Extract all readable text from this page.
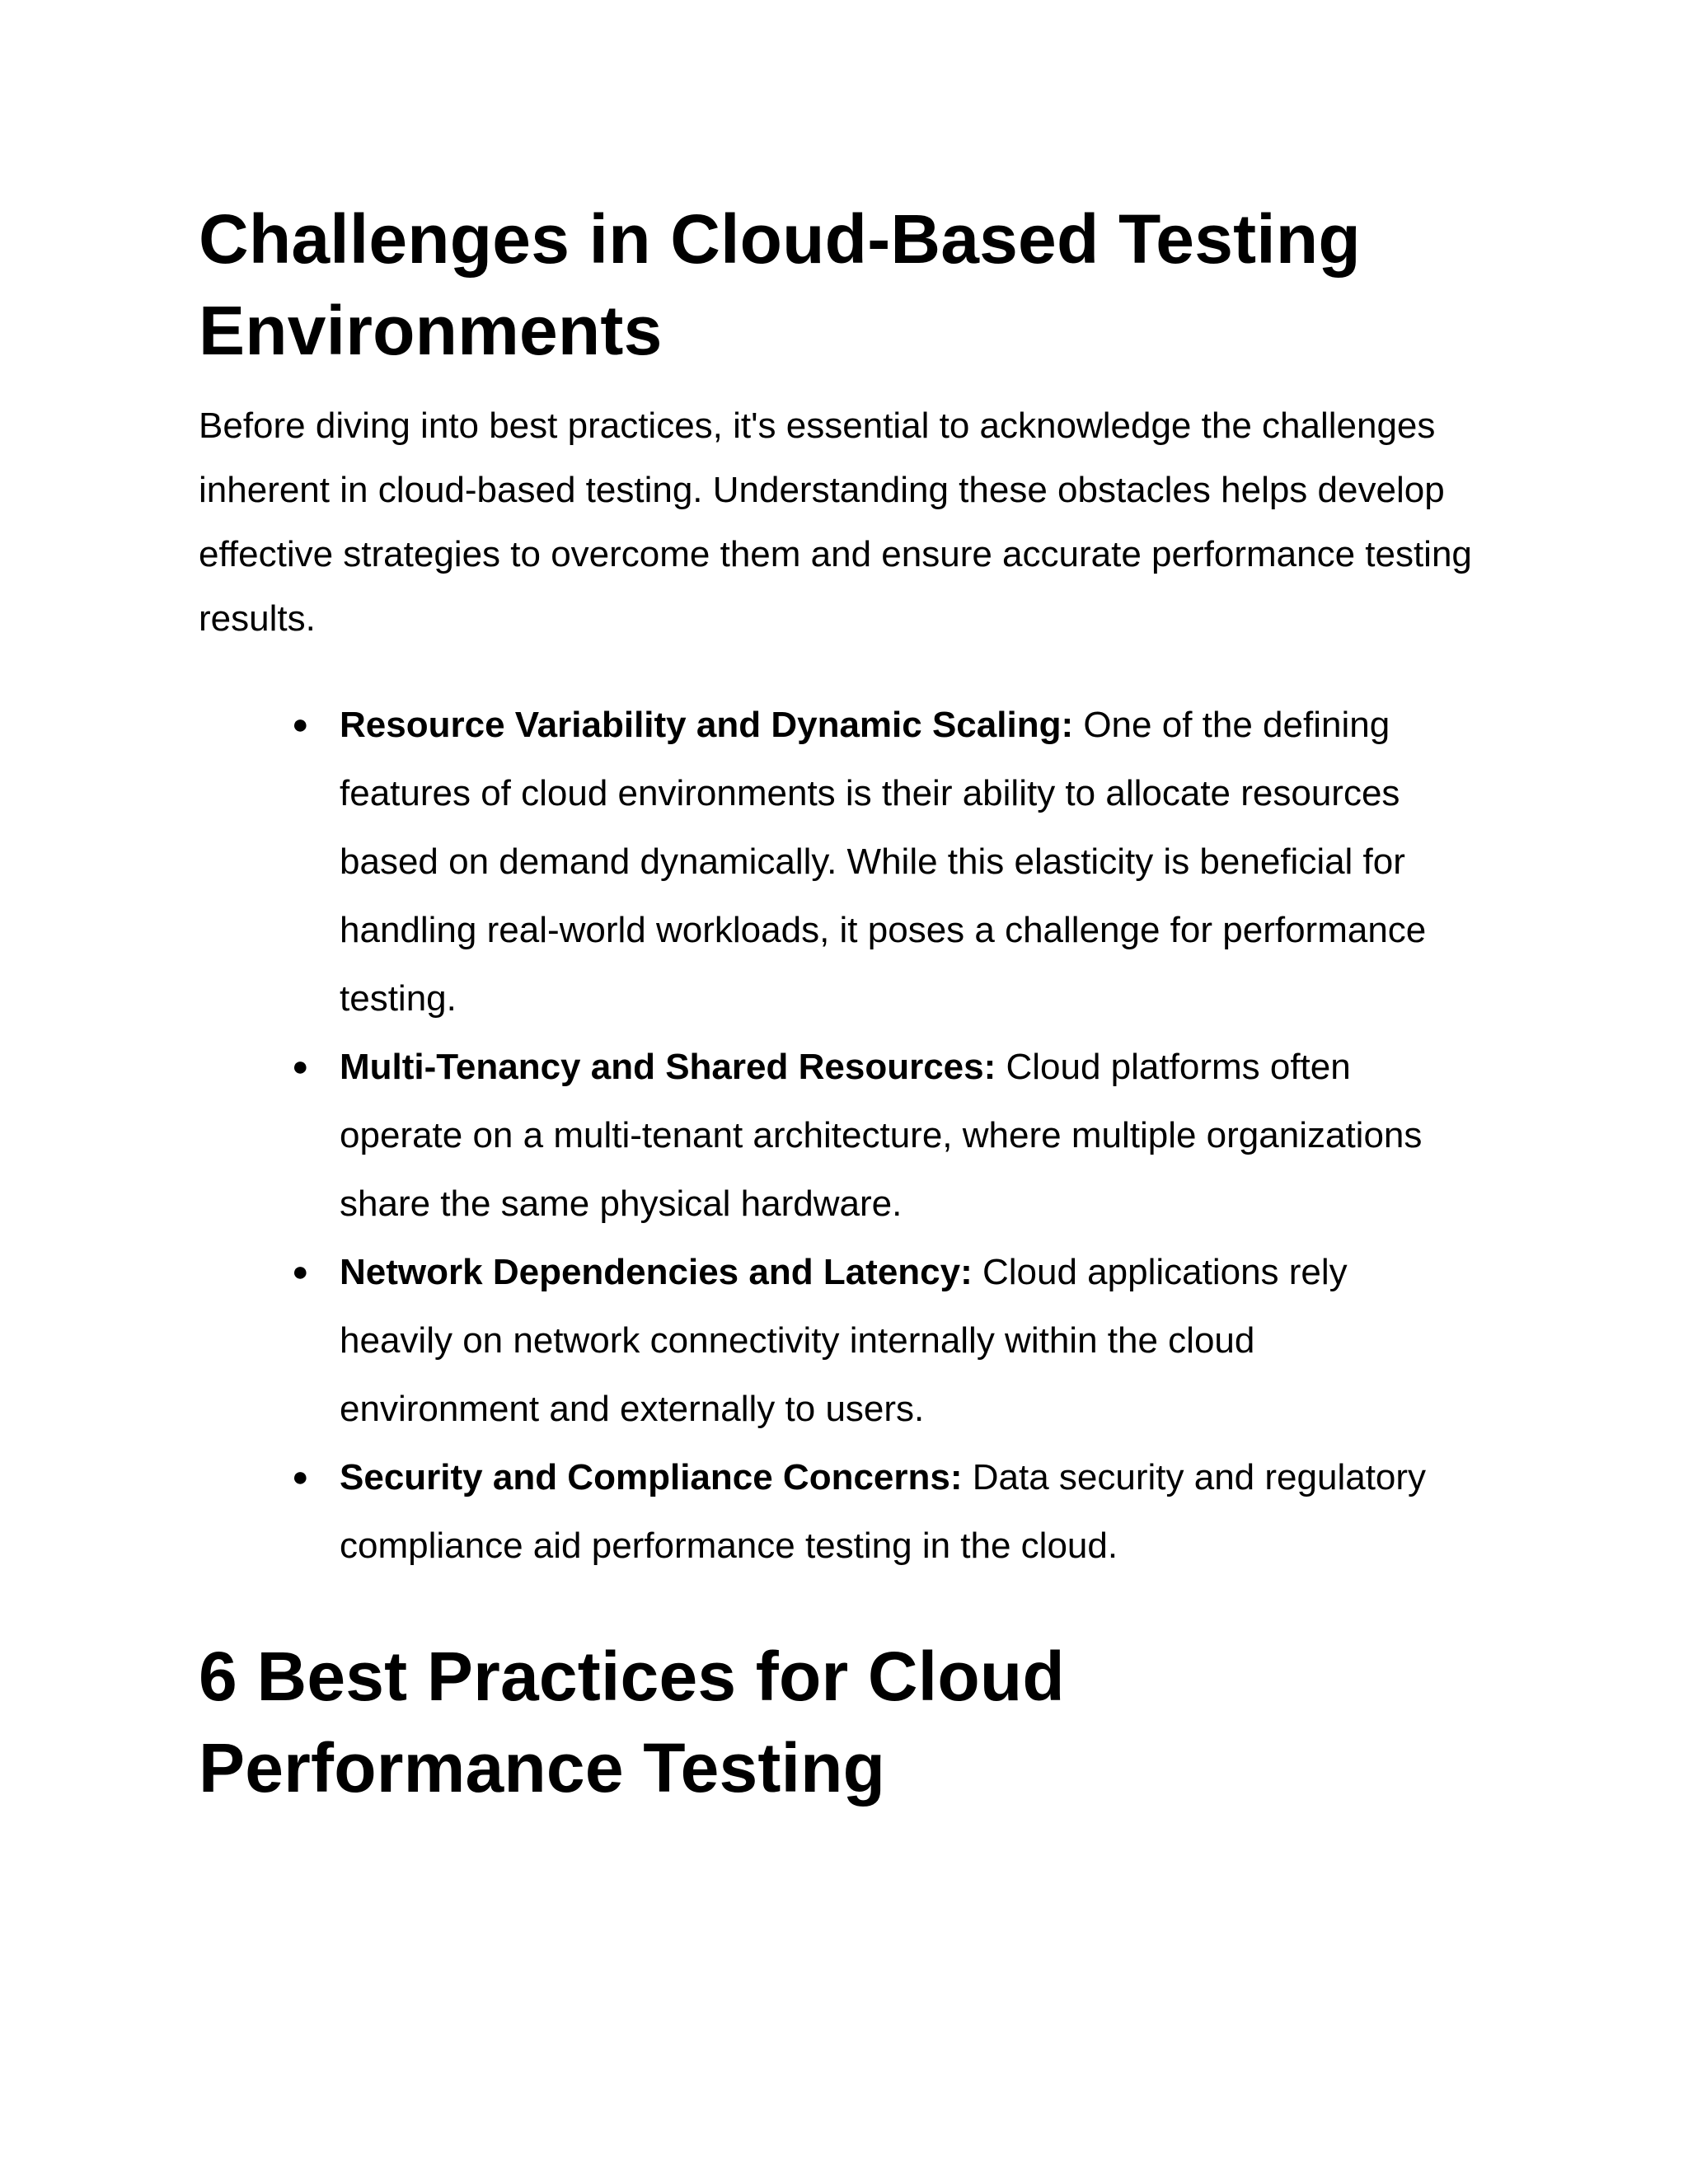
Challenges in Cloud-Based Testing Environments

Before diving into best practices, it's essential to acknowledge the challenges inherent in cloud-based testing. Understanding these obstacles helps develop effective strategies to overcome them and ensure accurate performance testing results.

● Resource Variability and Dynamic Scaling: One of the defining features of cloud environments is their ability to allocate resources based on demand dynamically. While this elasticity is beneficial for handling real-world workloads, it poses a challenge for performance testing.
● Multi-Tenancy and Shared Resources: Cloud platforms often operate on a multi-tenant architecture, where multiple organizations share the same physical hardware.
● Network Dependencies and Latency: Cloud applications rely heavily on network connectivity internally within the cloud environment and externally to users.
● Security and Compliance Concerns: Data security and regulatory compliance aid performance testing in the cloud.
6 Best Practices for Cloud Performance Testing
